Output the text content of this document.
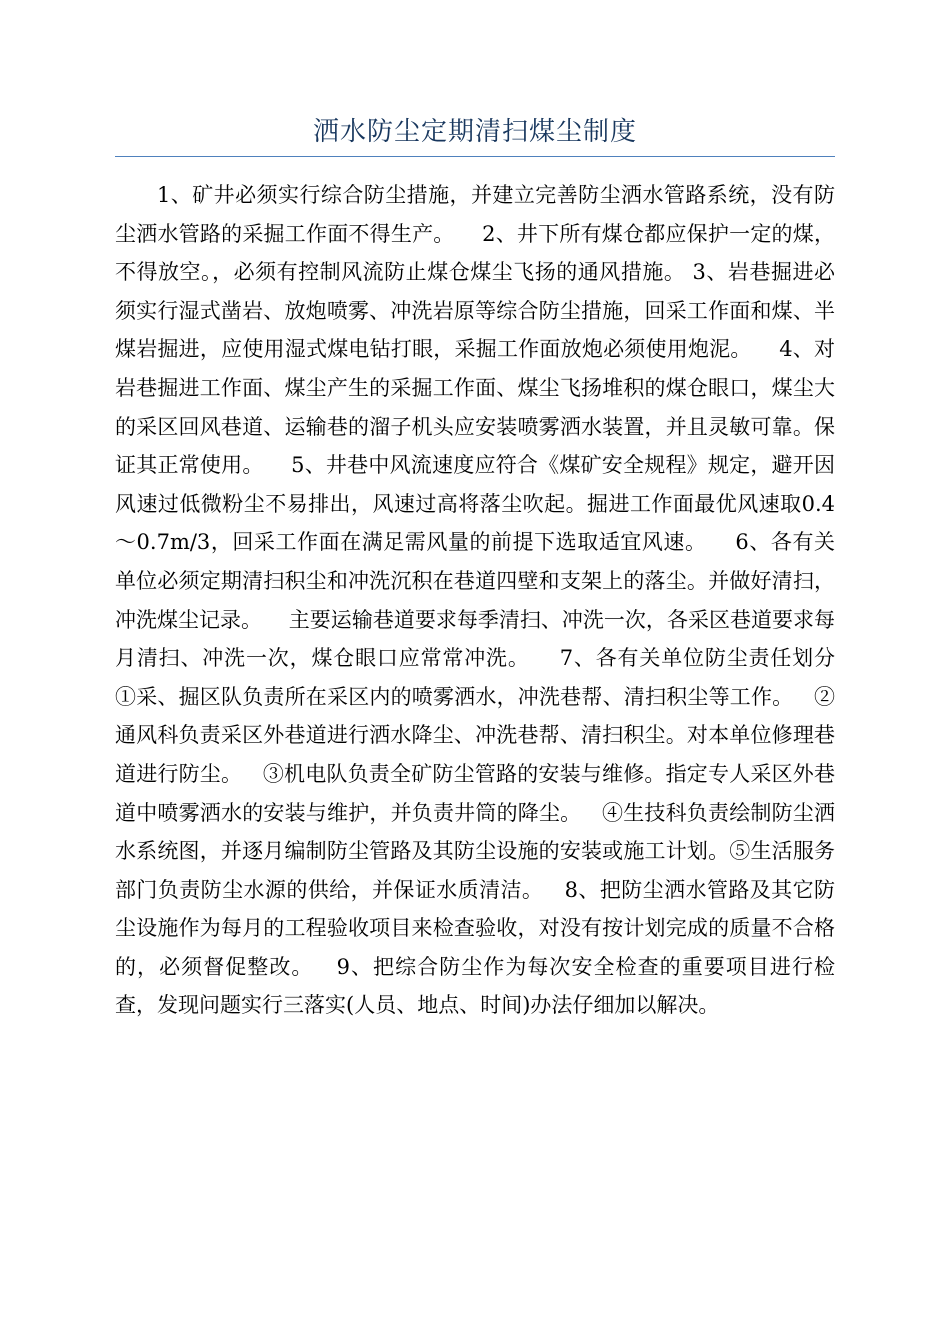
洒水防尘定期清扫煤尘制度

1、矿井必须实行综合防尘措施，并建立完善防尘洒水管路系统，没有防尘洒水管路的采掘工作面不得生产。    2、井下所有煤仓都应保护一定的煤，不得放空。，必须有控制风流防止煤仓煤尘飞扬的通风措施。 3、岩巷掘进必须实行湿式凿岩、放炮喷雾、冲洗岩原等综合防尘措施，回采工作面和煤、半煤岩掘进，应使用湿式煤电钻打眼，采掘工作面放炮必须使用炮泥。    4、对岩巷掘进工作面、煤尘产生的采掘工作面、煤尘飞扬堆积的煤仓眼口，煤尘大的采区回风巷道、运输巷的溜子机头应安装喷雾洒水装置，并且灵敏可靠。保证其正常使用。    5、井巷中风流速度应符合《煤矿安全规程》规定，避开因风速过低微粉尘不易排出，风速过高将落尘吹起。掘进工作面最优风速取0.4～0.7m/3，回采工作面在满足需风量的前提下选取适宜风速。    6、各有关单位必须定期清扫积尘和冲洗沉积在巷道四壁和支架上的落尘。并做好清扫，冲洗煤尘记录。    主要运输巷道要求每季清扫、冲洗一次，各采区巷道要求每月清扫、冲洗一次，煤仓眼口应常常冲洗。    7、各有关单位防尘责任划分  ①采、掘区队负责所在采区内的喷雾洒水，冲洗巷帮、清扫积尘等工作。   ②通风科负责采区外巷道进行洒水降尘、冲洗巷帮、清扫积尘。对本单位修理巷道进行防尘。   ③机电队负责全矿防尘管路的安装与维修。指定专人采区外巷道中喷雾洒水的安装与维护，并负责井筒的降尘。   ④生技科负责绘制防尘洒水系统图，并逐月编制防尘管路及其防尘设施的安装或施工计划。⑤生活服务部门负责防尘水源的供给，并保证水质清洁。   8、把防尘洒水管路及其它防尘设施作为每月的工程验收项目来检查验收，对没有按计划完成的质量不合格的，必须督促整改。   9、把综合防尘作为每次安全检查的重要项目进行检查，发现问题实行三落实(人员、地点、时间)办法仔细加以解决。
